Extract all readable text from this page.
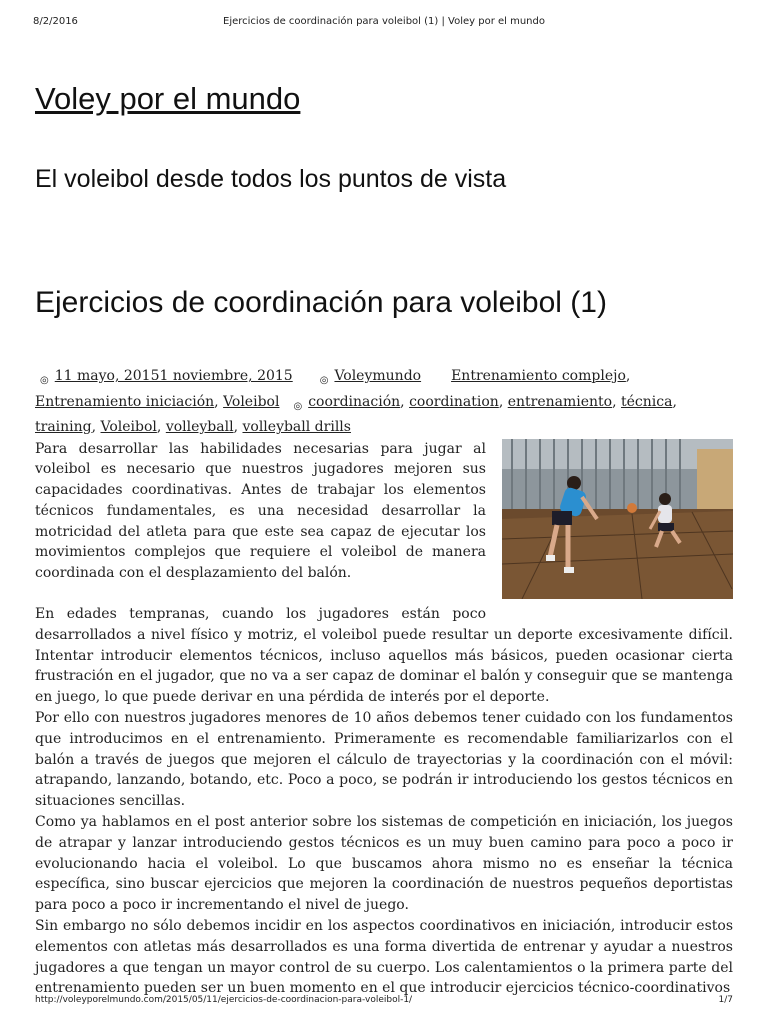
8/2/2016	Ejercicios de coordinación para voleibol (1) | Voley por el mundo
Voley por el mundo
El voleibol desde todos los puntos de vista
Ejercicios de coordinación para voleibol (1)
◎ 11 mayo, 20151 noviembre, 2015	◎ Voleymundo Entrenamiento complejo,
Entrenamiento iniciación, Voleibol ◎ coordinación, coordination, entrenamiento, técnica,
training, Voleibol, volleyball, volleyball drills

Para desarrollar las habilidades necesarias para jugar al voleibol es necesario que nuestros jugadores mejoren sus capacidades coordinativas. Antes de trabajar los elementos técnicos fundamentales, es una necesidad desarrollar la motricidad del atleta para que este sea capaz de ejecutar los movimientos complejos que requiere el voleibol de manera coordinada con el desplazamiento del balón.

En edades tempranas, cuando los jugadores están poco desarrollados a nivel físico y motriz, el voleibol puede resultar un deporte excesivamente difícil. Intentar introducir elementos técnicos, incluso aquellos más básicos, pueden ocasionar cierta frustración en el jugador, que no va a ser capaz de dominar el balón y conseguir que se mantenga en juego, lo que puede derivar en una pérdida de interés por el deporte.

Por ello con nuestros jugadores menores de 10 años debemos tener cuidado con los fundamentos que introducimos en el entrenamiento. Primeramente es recomendable familiarizarlos con el balón a través de juegos que mejoren el cálculo de trayectorias y la coordinación con el móvil: atrapando, lanzando, botando, etc. Poco a poco, se podrán ir introduciendo los gestos técnicos en situaciones sencillas.

Como ya hablamos en el post anterior sobre los sistemas de competición en iniciación, los juegos de atrapar y lanzar introduciendo gestos técnicos es un muy buen camino para poco a poco ir evolucionando hacia el voleibol. Lo que buscamos ahora mismo no es enseñar la técnica específica, sino buscar ejercicios que mejoren la coordinación de nuestros pequeños deportistas para poco a poco ir incrementando el nivel de juego.

Sin embargo no sólo debemos incidir en los aspectos coordinativos en iniciación, introducir estos elementos con atletas más desarrollados es una forma divertida de entrenar y ayudar a nuestros jugadores a que tengan un mayor control de su cuerpo. Los calentamientos o la primera parte del entrenamiento pueden ser un buen momento en el que introducir ejercicios técnico-coordinativos

http://voleyporelmundo.com/2015/05/11/ejercicios-de-coordinacion-para-voleibol-1/	1/7
